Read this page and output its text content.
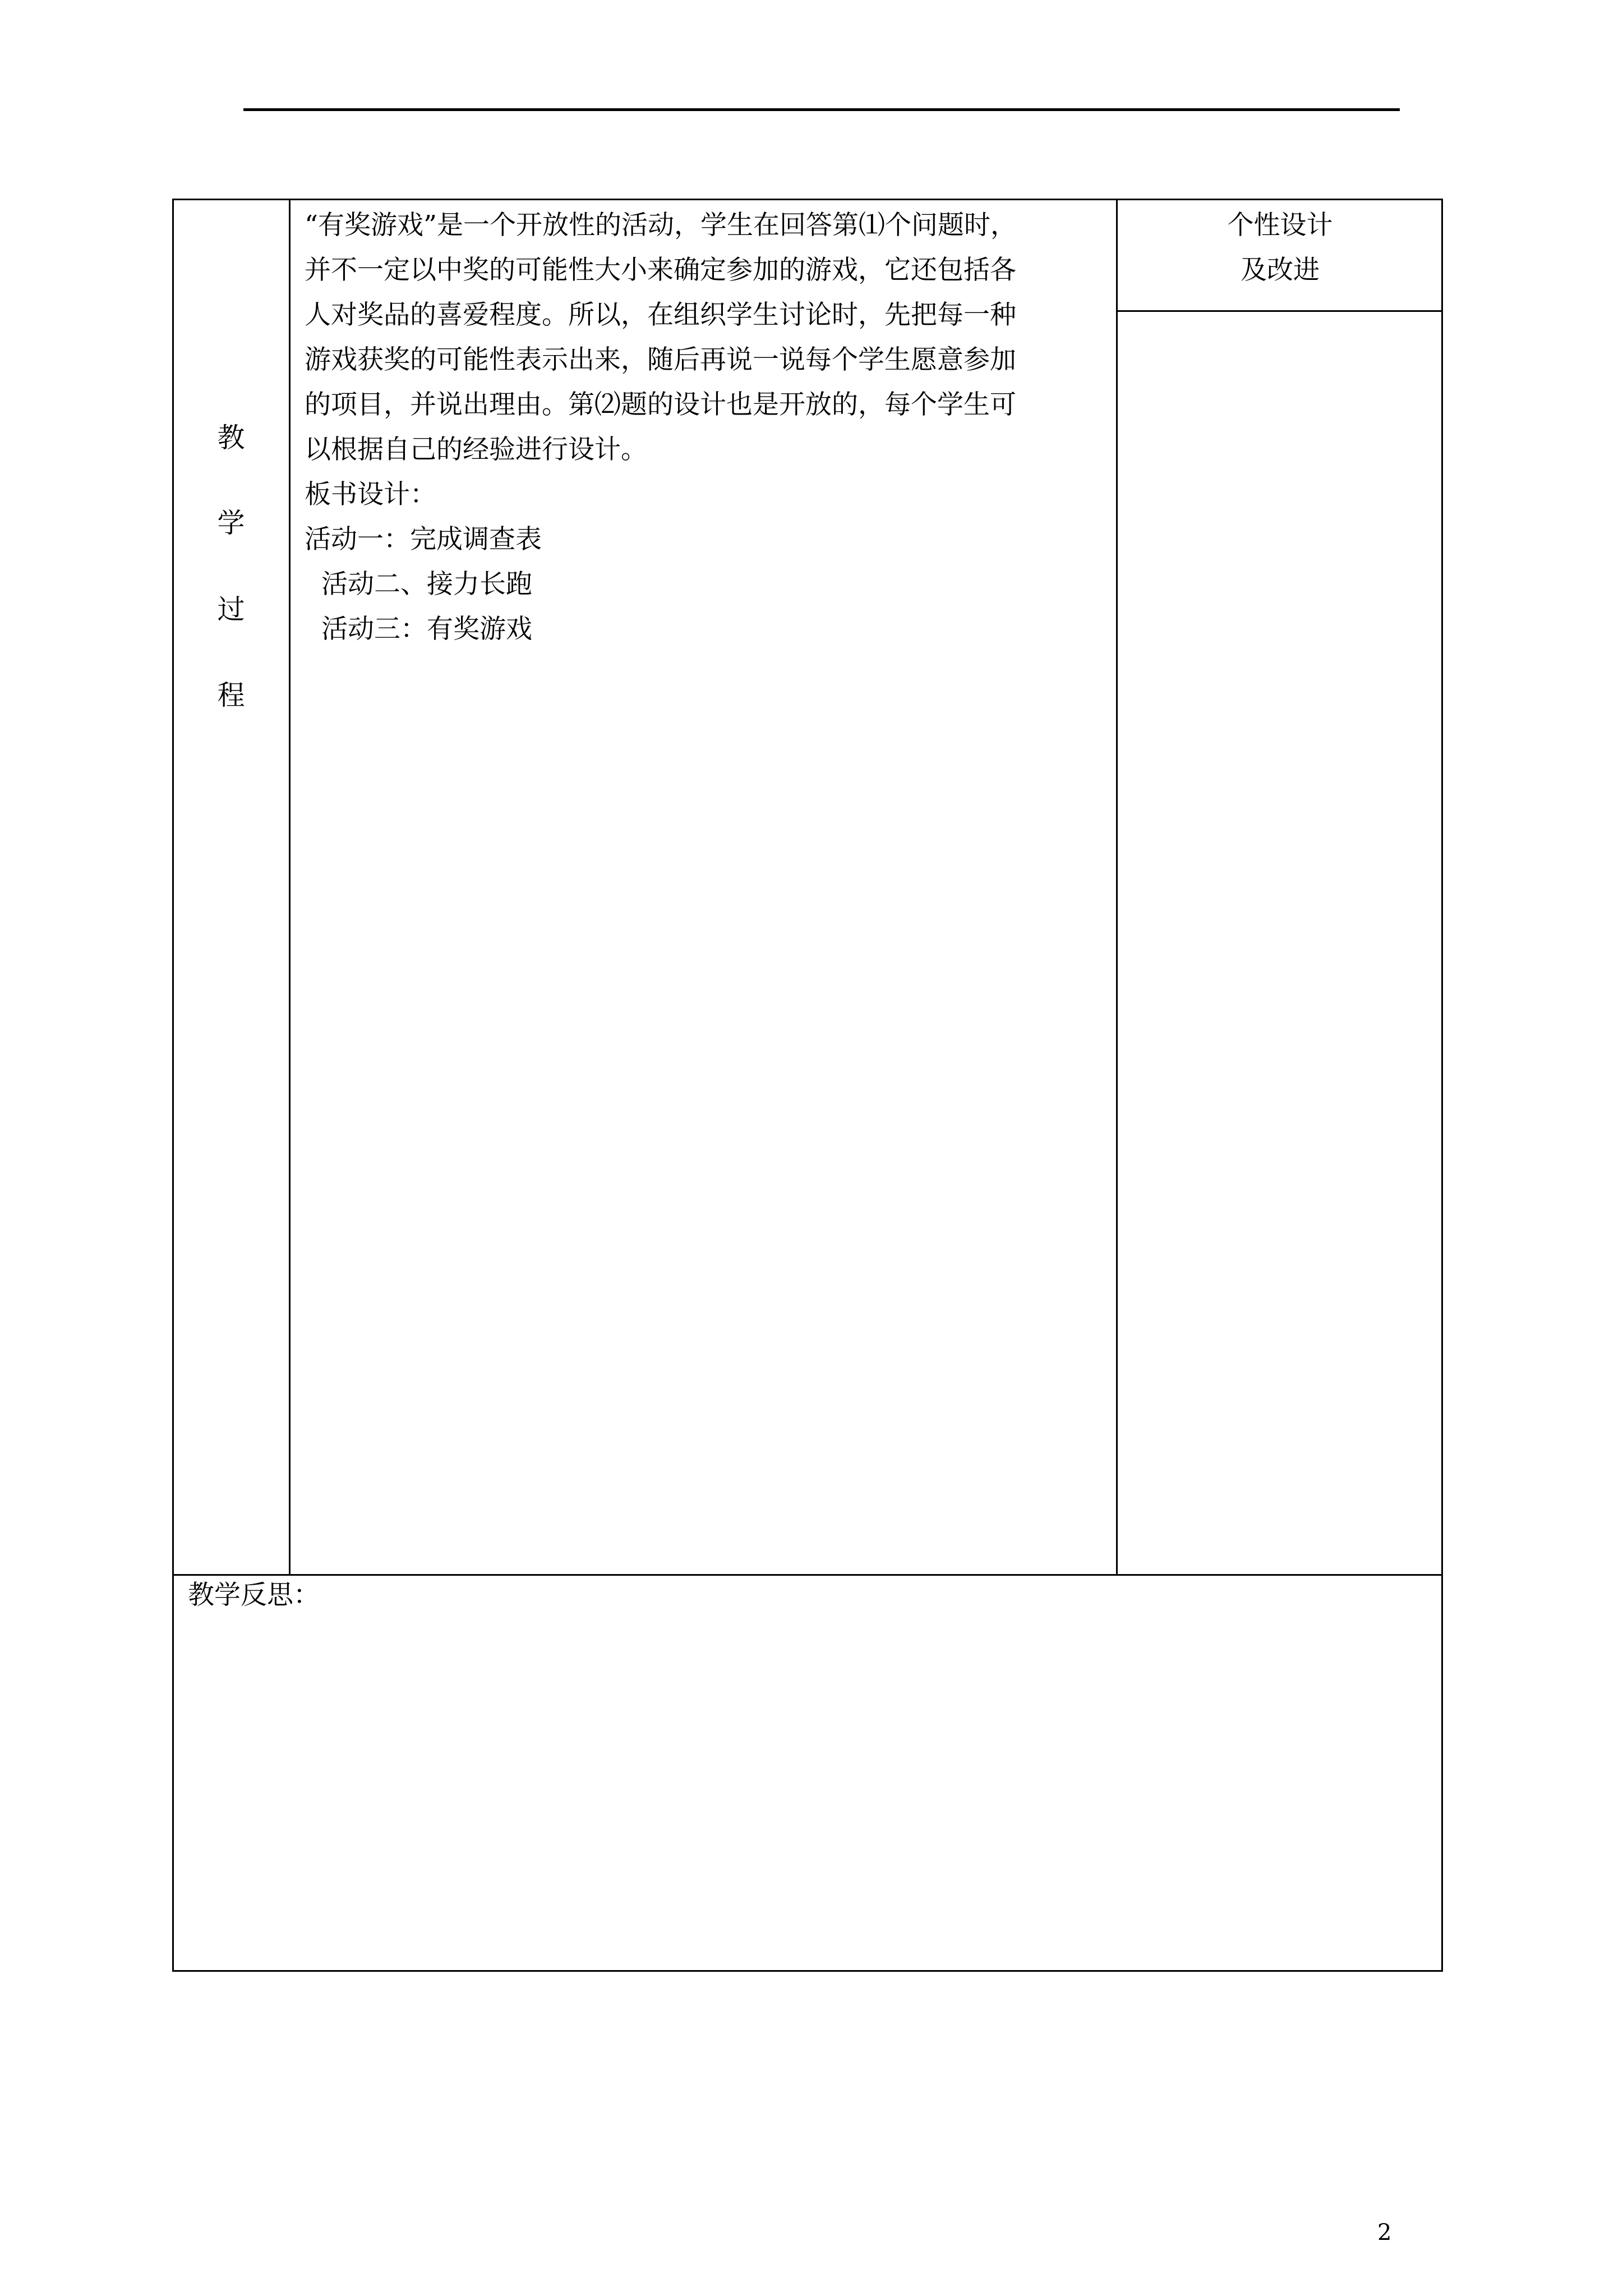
教
学
过
程
“有奖游戏”是一个开放性的活动，学生在回答第⑴个问题时，
并不一定以中奖的可能性大小来确定参加的游戏，它还包括各
人对奖品的喜爱程度。所以，在组织学生讨论时，先把每一种
游戏获奖的可能性表示出来，随后再说一说每个学生愿意参加
的项目，并说出理由。第⑵题的设计也是开放的，每个学生可
以根据自己的经验进行设计。
板书设计：
活动一：完成调查表
活动二、接力长跑
活动三：有奖游戏
个性设计
及改进
教学反思：
2
